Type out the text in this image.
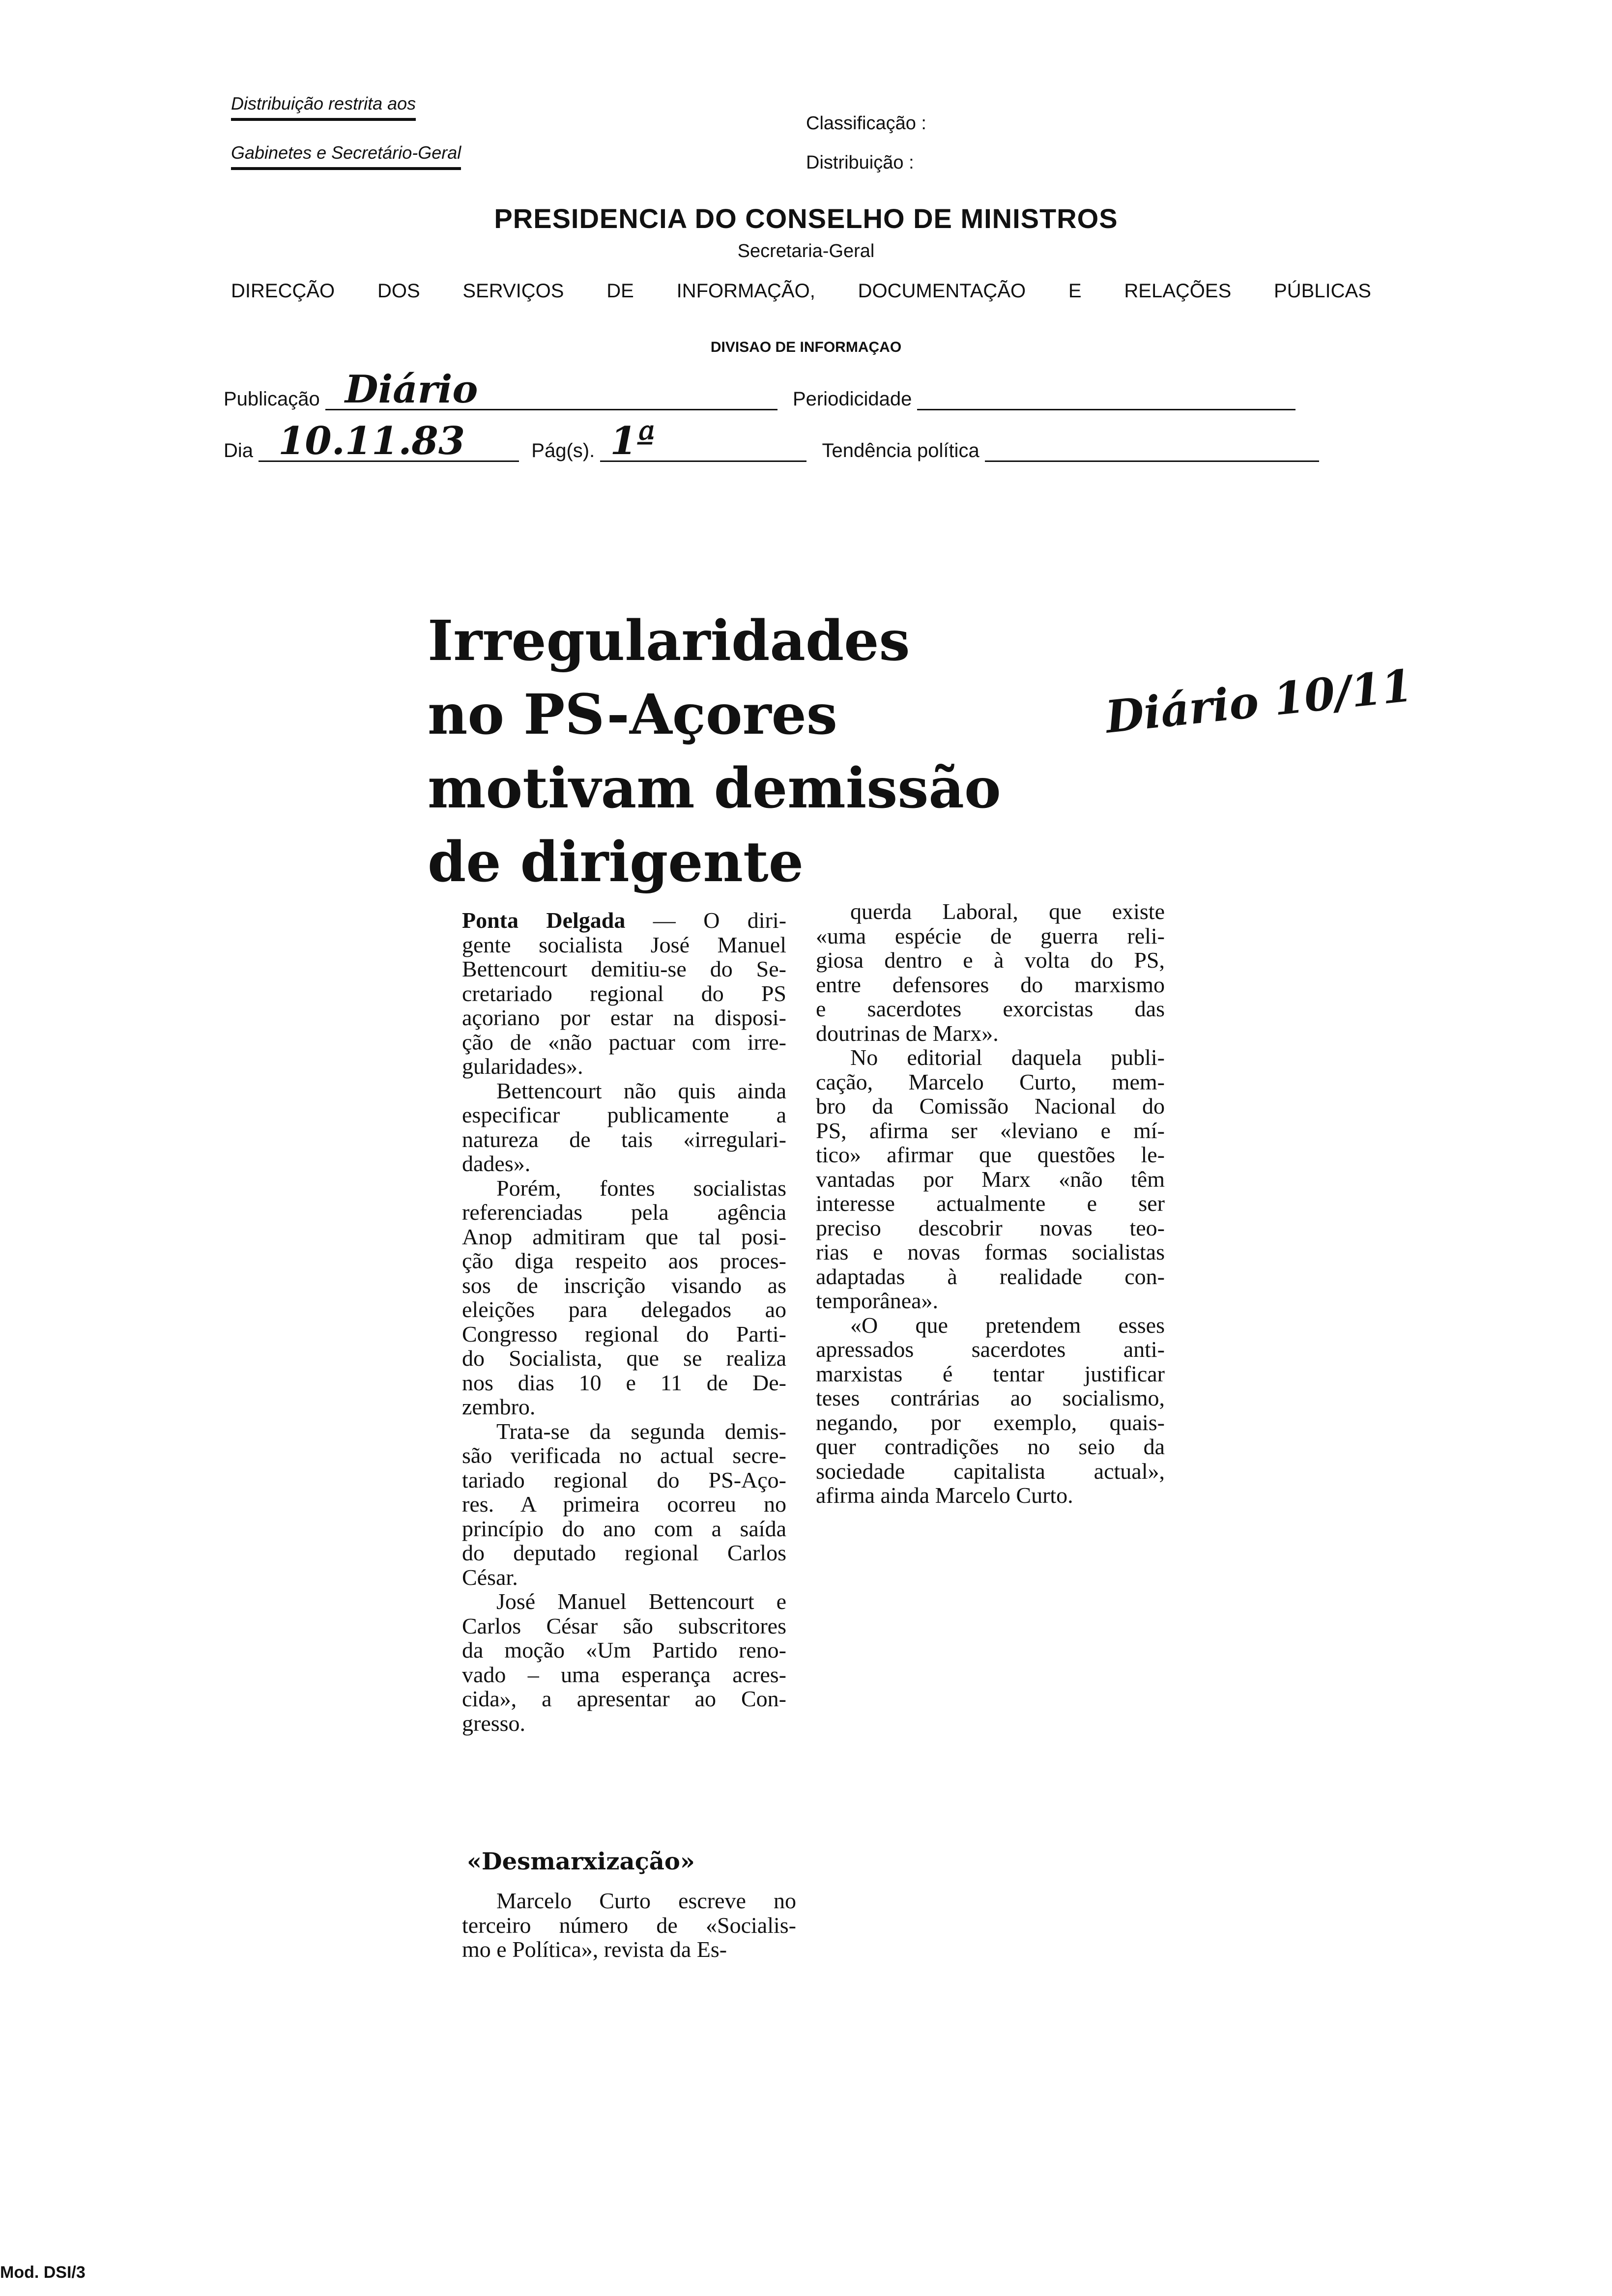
Distribuição restrita aos
Gabinetes e Secretário-Geral
Classificação :
Distribuição :
PRESIDENCIA DO CONSELHO DE MINISTROS
Secretaria-Geral
DIRECÇÃO DOS SERVIÇOS DE INFORMAÇÃO, DOCUMENTAÇÃO E RELAÇÕES PÚBLICAS
DIVISAO DE INFORMAÇAO
Publicação Diário	Periodicidade
Dia 10.11.83	Pág(s). 1ª	Tendência política
Irregularidades
no PS-Açores
motivam demissão
de dirigente
Diário 10/11
Ponta Delgada — O diri-
gente socialista José Manuel
Bettencourt demitiu-se do Se-
cretariado regional do PS
açoriano por estar na disposi-
ção de «não pactuar com irre-
gularidades».
Bettencourt não quis ainda
especificar publicamente a
natureza de tais «irregulari-
dades».
Porém, fontes socialistas
referenciadas pela agência
Anop admitiram que tal posi-
ção diga respeito aos proces-
sos de inscrição visando as
eleições para delegados ao
Congresso regional do Parti-
do Socialista, que se realiza
nos dias 10 e 11 de De-
zembro.
Trata-se da segunda demis-
são verificada no actual secre-
tariado regional do PS-Aço-
res. A primeira ocorreu no
princípio do ano com a saída
do deputado regional Carlos
César.
José Manuel Bettencourt e
Carlos César são subscritores
da moção «Um Partido reno-
vado – uma esperança acres-
cida», a apresentar ao Con-
gresso.
«Desmarxização»
Marcelo Curto escreve no
terceiro número de «Socialis-
mo e Política», revista da Es-
querda Laboral, que existe
«uma espécie de guerra reli-
giosa dentro e à volta do PS,
entre defensores do marxismo
e sacerdotes exorcistas das
doutrinas de Marx».
No editorial daquela publi-
cação, Marcelo Curto, mem-
bro da Comissão Nacional do
PS, afirma ser «leviano e mí-
tico» afirmar que questões le-
vantadas por Marx «não têm
interesse actualmente e ser
preciso descobrir novas teo-
rias e novas formas socialistas
adaptadas à realidade con-
temporânea».
«O que pretendem esses
apressados sacerdotes anti-
marxistas é tentar justificar
teses contrárias ao socialismo,
negando, por exemplo, quais-
quer contradições no seio da
sociedade capitalista actual»,
afirma ainda Marcelo Curto.
Mod. DSI/3
